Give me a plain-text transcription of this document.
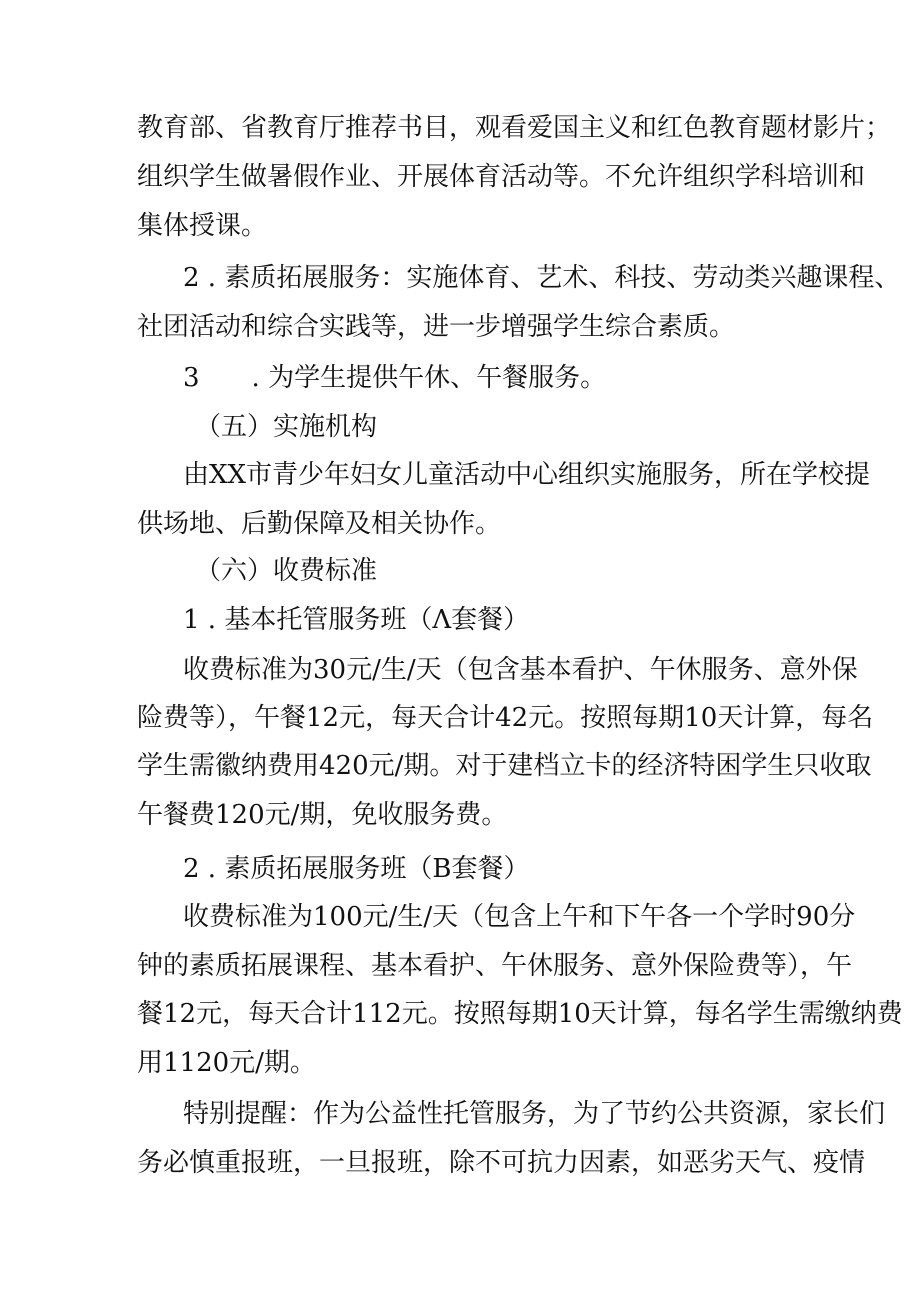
教育部、省教育厅推荐书目，观看爱国主义和红色教育题材影片；
组织学生做暑假作业、开展体育活动等。不允许组织学科培训和
集体授课。
2 . 素质拓展服务：实施体育、艺术、科技、劳动类兴趣课程、
社团活动和综合实践等，进一步增强学生综合素质。
3　　. 为学生提供午休、午餐服务。
（五）实施机构
由XX市青少年妇女儿童活动中心组织实施服务，所在学校提
供场地、后勤保障及相关协作。
（六）收费标准
1 . 基本托管服务班（Λ套餐）
收费标准为30元/生/天（包含基本看护、午休服务、意外保
险费等），午餐12元，每天合计42元。按照每期10天计算，每名
学生需徽纳费用420元/期。对于建档立卡的经济特困学生只收取
午餐费120元/期，免收服务费。
2 . 素质拓展服务班（B套餐）
收费标准为100元/生/天（包含上午和下午各一个学时90分
钟的素质拓展课程、基本看护、午休服务、意外保险费等），午
餐12元，每天合计112元。按照每期10天计算，每名学生需缴纳费
用1120元/期。
特别提醒：作为公益性托管服务，为了节约公共资源，家长们
务必慎重报班，一旦报班，除不可抗力因素，如恶劣天气、疫情
